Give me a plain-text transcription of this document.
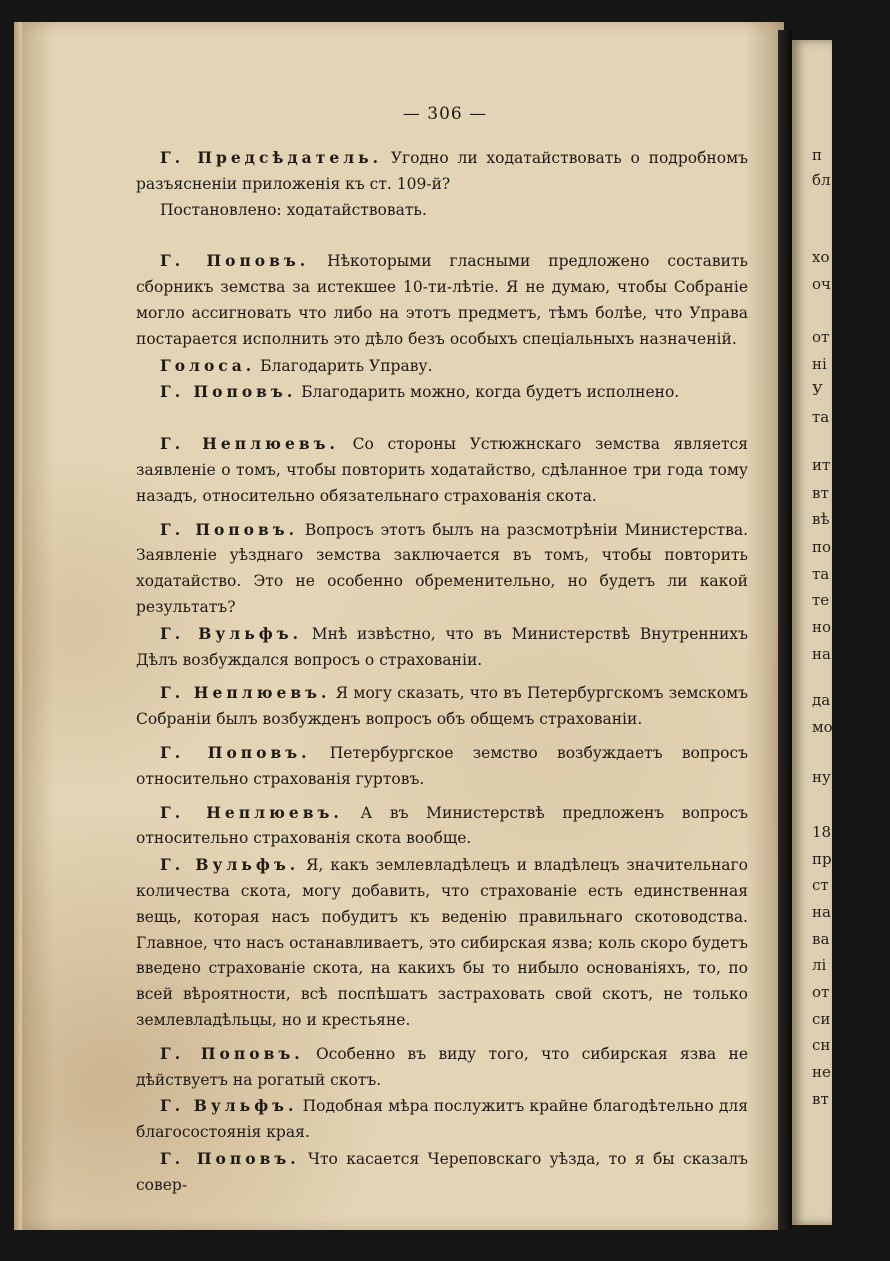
п
бл
хо
оч
от
ні
У
та
ит
вт
вѣ
по
та
те
но
на
да
мо
ну
18
пр
ст
на
ва
лі
от
си
сн
не
вт
— 306 —

Г. Предсѣдатель. Угодно ли ходатайствовать о подробномъ разъясненіи приложенія къ ст. 109-й?

Постановлено: ходатайствовать.

Г. Поповъ. Нѣкоторыми гласными предложено составить сборникъ земства за истекшее 10-ти-лѣтіе. Я не думаю, чтобы Собраніе могло ассигновать что либо на этотъ предметъ, тѣмъ болѣе, что Управа постарается исполнить это дѣло безъ особыхъ спеціальныхъ назначеній.

Голоса. Благодарить Управу.

Г. Поповъ. Благодарить можно, когда будетъ исполнено.

Г. Неплюевъ. Со стороны Устюжнскаго земства является заявленіе о томъ, чтобы повторить ходатайство, сдѣланное три года тому назадъ, относительно обязательнаго страхованія скота.

Г. Поповъ. Вопросъ этотъ былъ на разсмотрѣніи Министерства. Заявленіе уѣзднаго земства заключается въ томъ, чтобы повторить ходатайство. Это не особенно обременительно, но будетъ ли какой результатъ?

Г. Вульфъ. Мнѣ извѣстно, что въ Министерствѣ Внутреннихъ Дѣлъ возбуждался вопросъ о страхованіи.

Г. Неплюевъ. Я могу сказать, что въ Петербургскомъ земскомъ Собраніи былъ возбужденъ вопросъ объ общемъ страхованіи.

Г. Поповъ. Петербургское земство возбуждаетъ вопросъ относительно страхованія гуртовъ.

Г. Неплюевъ. А въ Министерствѣ предложенъ вопросъ относительно страхованія скота вообще.

Г. Вульфъ. Я, какъ землевладѣлецъ и владѣлецъ значительнаго количества скота, могу добавить, что страхованіе есть единственная вещь, которая насъ побудитъ къ веденію правильнаго скотоводства. Главное, что насъ останавливаетъ, это сибирская язва; коль скоро будетъ введено страхованіе скота, на какихъ бы то нибыло основаніяхъ, то, по всей вѣроятности, всѣ поспѣшатъ застраховать свой скотъ, не только землевладѣльцы, но и крестьяне.

Г. Поповъ. Особенно въ виду того, что сибирская язва не дѣйствуетъ на рогатый скотъ.

Г. Вульфъ. Подобная мѣра послужитъ крайне благодѣтельно для благосостоянія края.

Г. Поповъ. Что касается Череповскаго уѣзда, то я бы сказалъ совер-
